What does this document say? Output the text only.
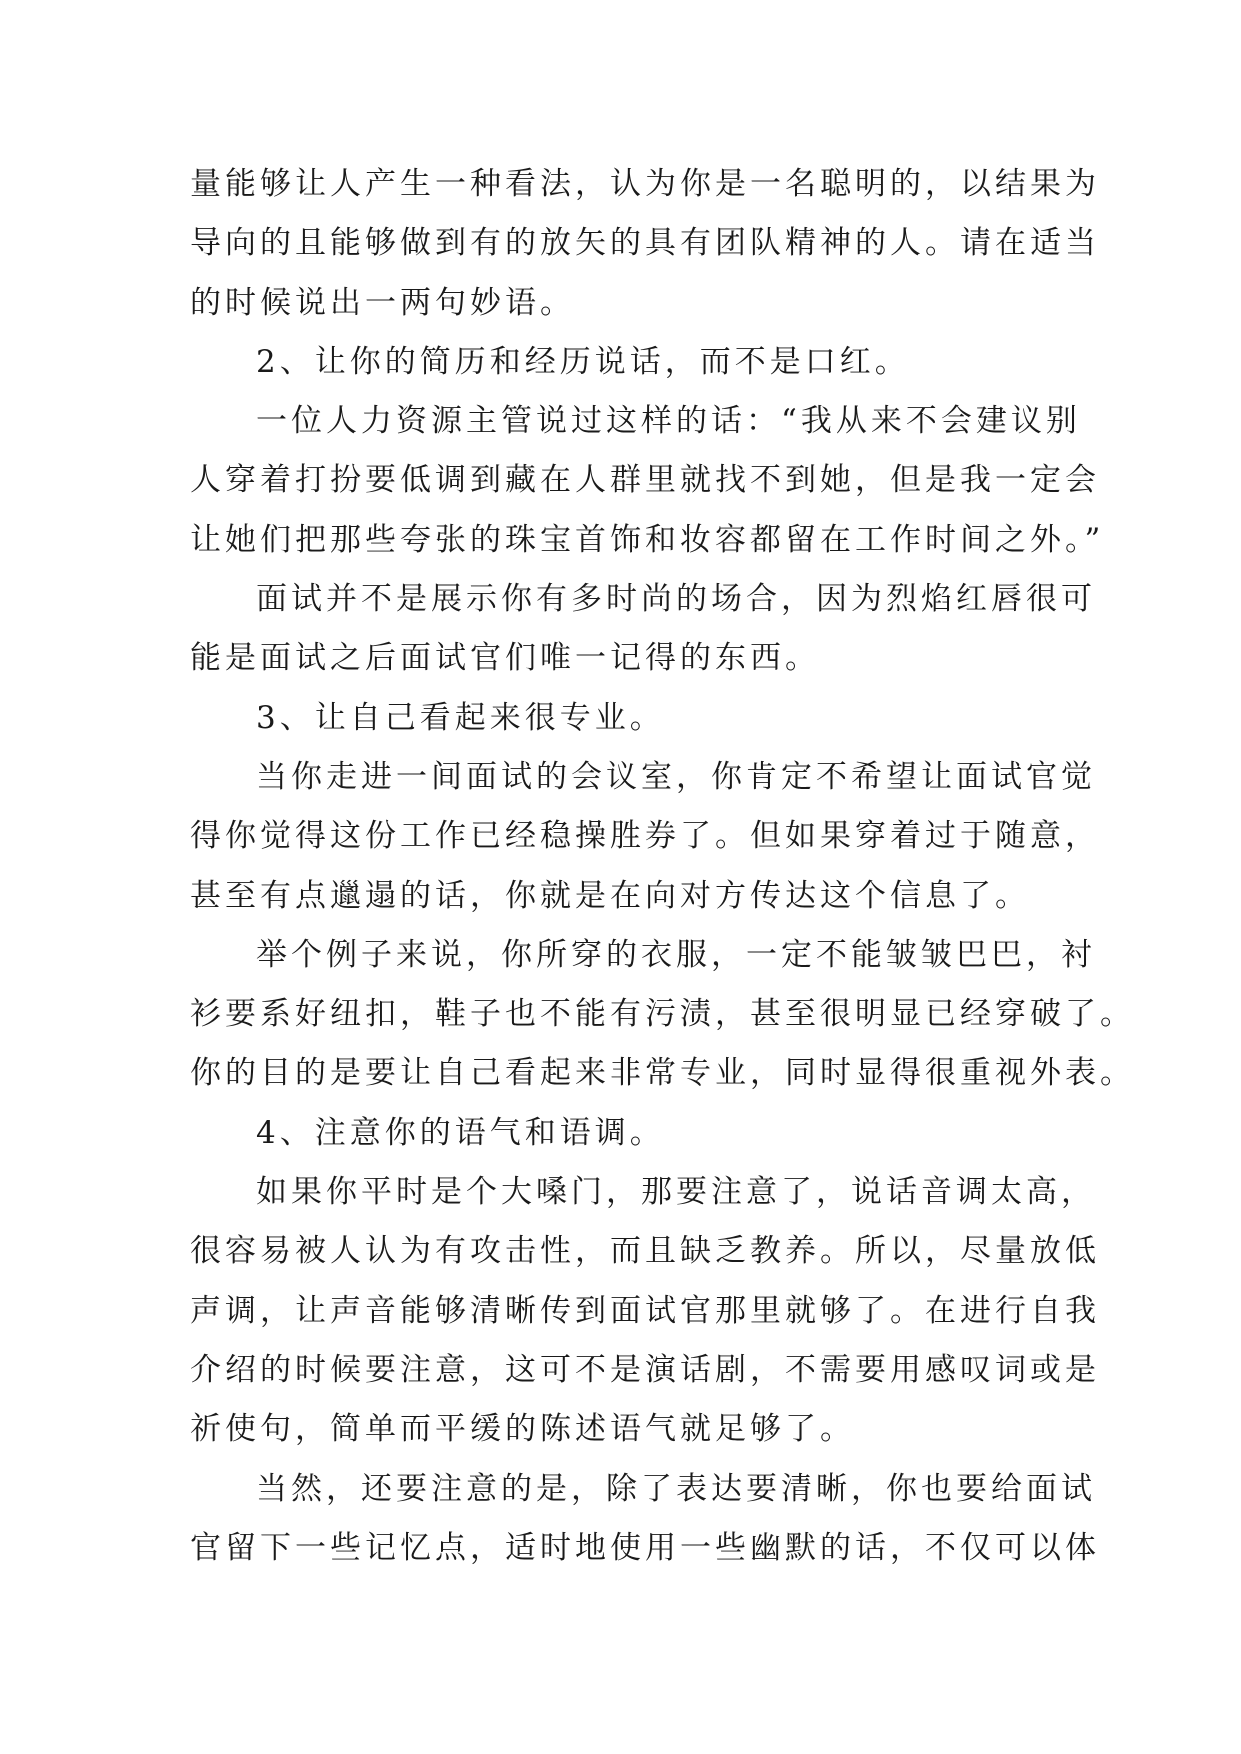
量能够让人产生一种看法，认为你是一名聪明的，以结果为
导向的且能够做到有的放矢的具有团队精神的人。请在适当
的时候说出一两句妙语。
2、让你的简历和经历说话，而不是口红。
一位人力资源主管说过这样的话：“我从来不会建议别
人穿着打扮要低调到藏在人群里就找不到她，但是我一定会
让她们把那些夸张的珠宝首饰和妆容都留在工作时间之外。”
面试并不是展示你有多时尚的场合，因为烈焰红唇很可
能是面试之后面试官们唯一记得的东西。
3、让自己看起来很专业。
当你走进一间面试的会议室，你肯定不希望让面试官觉
得你觉得这份工作已经稳操胜券了。但如果穿着过于随意，
甚至有点邋遢的话，你就是在向对方传达这个信息了。
举个例子来说，你所穿的衣服，一定不能皱皱巴巴，衬
衫要系好纽扣，鞋子也不能有污渍，甚至很明显已经穿破了。
你的目的是要让自己看起来非常专业，同时显得很重视外表。
4、注意你的语气和语调。
如果你平时是个大嗓门，那要注意了，说话音调太高，
很容易被人认为有攻击性，而且缺乏教养。所以，尽量放低
声调，让声音能够清晰传到面试官那里就够了。在进行自我
介绍的时候要注意，这可不是演话剧，不需要用感叹词或是
祈使句，简单而平缓的陈述语气就足够了。
当然，还要注意的是，除了表达要清晰，你也要给面试
官留下一些记忆点，适时地使用一些幽默的话，不仅可以体
